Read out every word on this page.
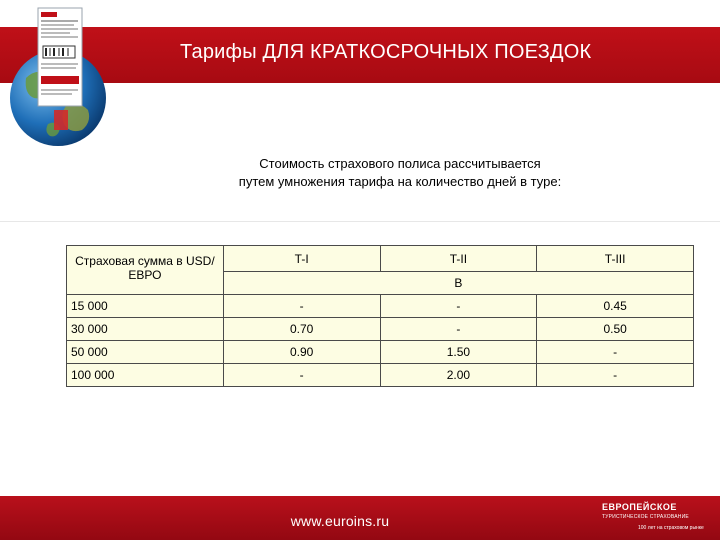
Тарифы ДЛЯ КРАТКОСРОЧНЫХ ПОЕЗДОК
Стоимость страхового полиса рассчитывается
путем умножения тарифа на количество дней в туре:
Страховая сумма в USD/ЕВРО	T-I	T-II	T-III
	B		
15 000	-	-	0.45
30 000	0.70	-	0.50
50 000	0.90	1.50	-
100 000	-	2.00	-
www.euroins.ru
ЕВРОПЕЙСКОЕ
ТУРИСТИЧЕСКОЕ СТРАХОВАНИЕ
100 лет на страховом рынке
